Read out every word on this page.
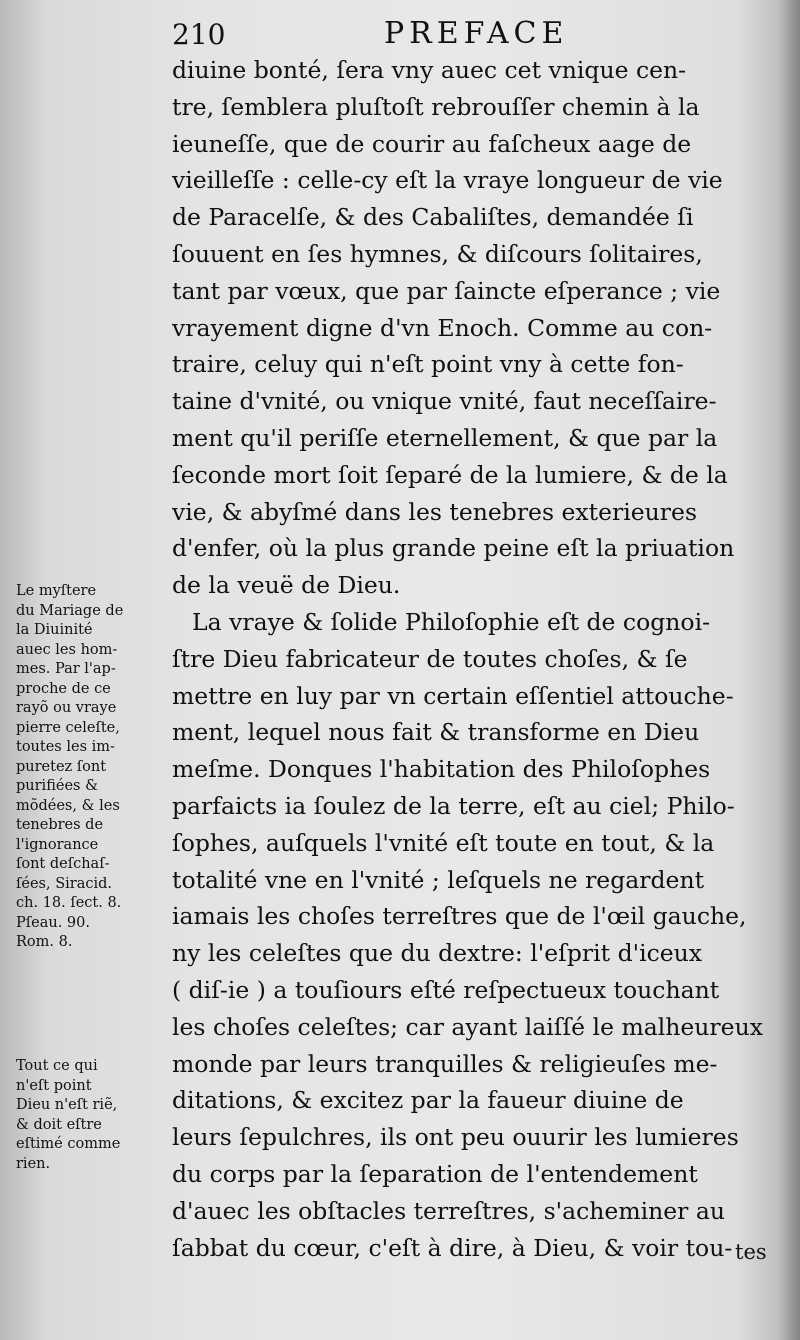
210	PREFACE
diuine bonté, ſera vny auec cet vnique cen-
tre, ſemblera pluſtoſt rebrouſſer chemin à la
ieuneſſe, que de courir au faſcheux aage de
vieilleſſe : celle-cy eſt la vraye longueur de vie
de Paracelſe, & des Cabaliſtes, demandée ſi
ſouuent en ſes hymnes, & diſcours ſolitaires,
tant par vœux, que par ſaincte eſperance ; vie
vrayement digne d'vn Enoch. Comme au con-
traire, celuy qui n'eſt point vny à cette fon-
taine d'vnité, ou vnique vnité, faut neceſſaire-
ment qu'il periſſe eternellement, & que par la
ſeconde mort ſoit ſeparé de la lumiere, & de la
vie, & abyſmé dans les tenebres exterieures
d'enfer, où la plus grande peine eſt la priuation
de la veuë de Dieu.
La vraye & ſolide Philoſophie eſt de cognoi-
ſtre Dieu fabricateur de toutes choſes, & ſe
mettre en luy par vn certain eſſentiel attouche-
ment, lequel nous fait & transforme en Dieu
meſme. Donques l'habitation des Philoſophes
parfaicts ia ſoulez de la terre, eſt au ciel; Philo-
ſophes, auſquels l'vnité eſt toute en tout, & la
totalité vne en l'vnité ; leſquels ne regardent
iamais les choſes terreſtres que de l'œil gauche,
ny les celeſtes que du dextre: l'eſprit d'iceux
( diſ-ie ) a touſiours eſté reſpectueux touchant
les choſes celeſtes; car ayant laiſſé le malheureux
monde par leurs tranquilles & religieuſes me-
ditations, & excitez par la faueur diuine de
leurs ſepulchres, ils ont peu ouurir les lumieres
du corps par la ſeparation de l'entendement
d'auec les obſtacles terreſtres, s'acheminer au
ſabbat du cœur, c'eſt à dire, à Dieu, & voir tou- tes
Le myſtere
du Mariage de
la Diuinité
auec les hom-
mes. Par l'ap-
proche de ce
rayõ ou vraye
pierre celeſte,
toutes les im-
puretez ſont
purifiées &
mõdées, & les
tenebres de
l'ignorance
ſont deſchaſ-
ſées, Siracid.
ch. 18. ſect. 8.
Pſeau. 90.
Rom. 8.
Tout ce qui
n'eſt point
Dieu n'eſt riẽ,
& doit eſtre
eſtimé comme
rien.
